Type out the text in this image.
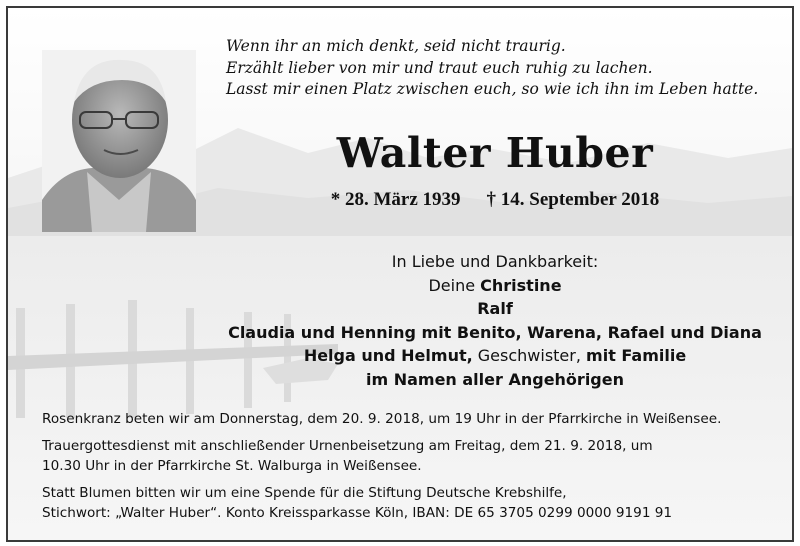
Wenn ihr an mich denkt, seid nicht traurig.
Erzählt lieber von mir und traut euch ruhig zu lachen.
Lasst mir einen Platz zwischen euch, so wie ich ihn im Leben hatte.
Walter Huber
* 28. März 1939 † 14. September 2018
In Liebe und Dankbarkeit:
Deine Christine
Ralf
Claudia und Henning mit Benito, Warena, Rafael und Diana
Helga und Helmut, Geschwister, mit Familie
im Namen aller Angehörigen
Rosenkranz beten wir am Donnerstag, dem 20. 9. 2018, um 19 Uhr in der Pfarrkirche in Weißensee.
Trauergottesdienst mit anschließender Urnenbeisetzung am Freitag, dem 21. 9. 2018, um
10.30 Uhr in der Pfarrkirche St. Walburga in Weißensee.
Statt Blumen bitten wir um eine Spende für die Stiftung Deutsche Krebshilfe,
Stichwort: „Walter Huber“. Konto Kreissparkasse Köln, IBAN: DE 65 3705 0299 0000 9191 91
